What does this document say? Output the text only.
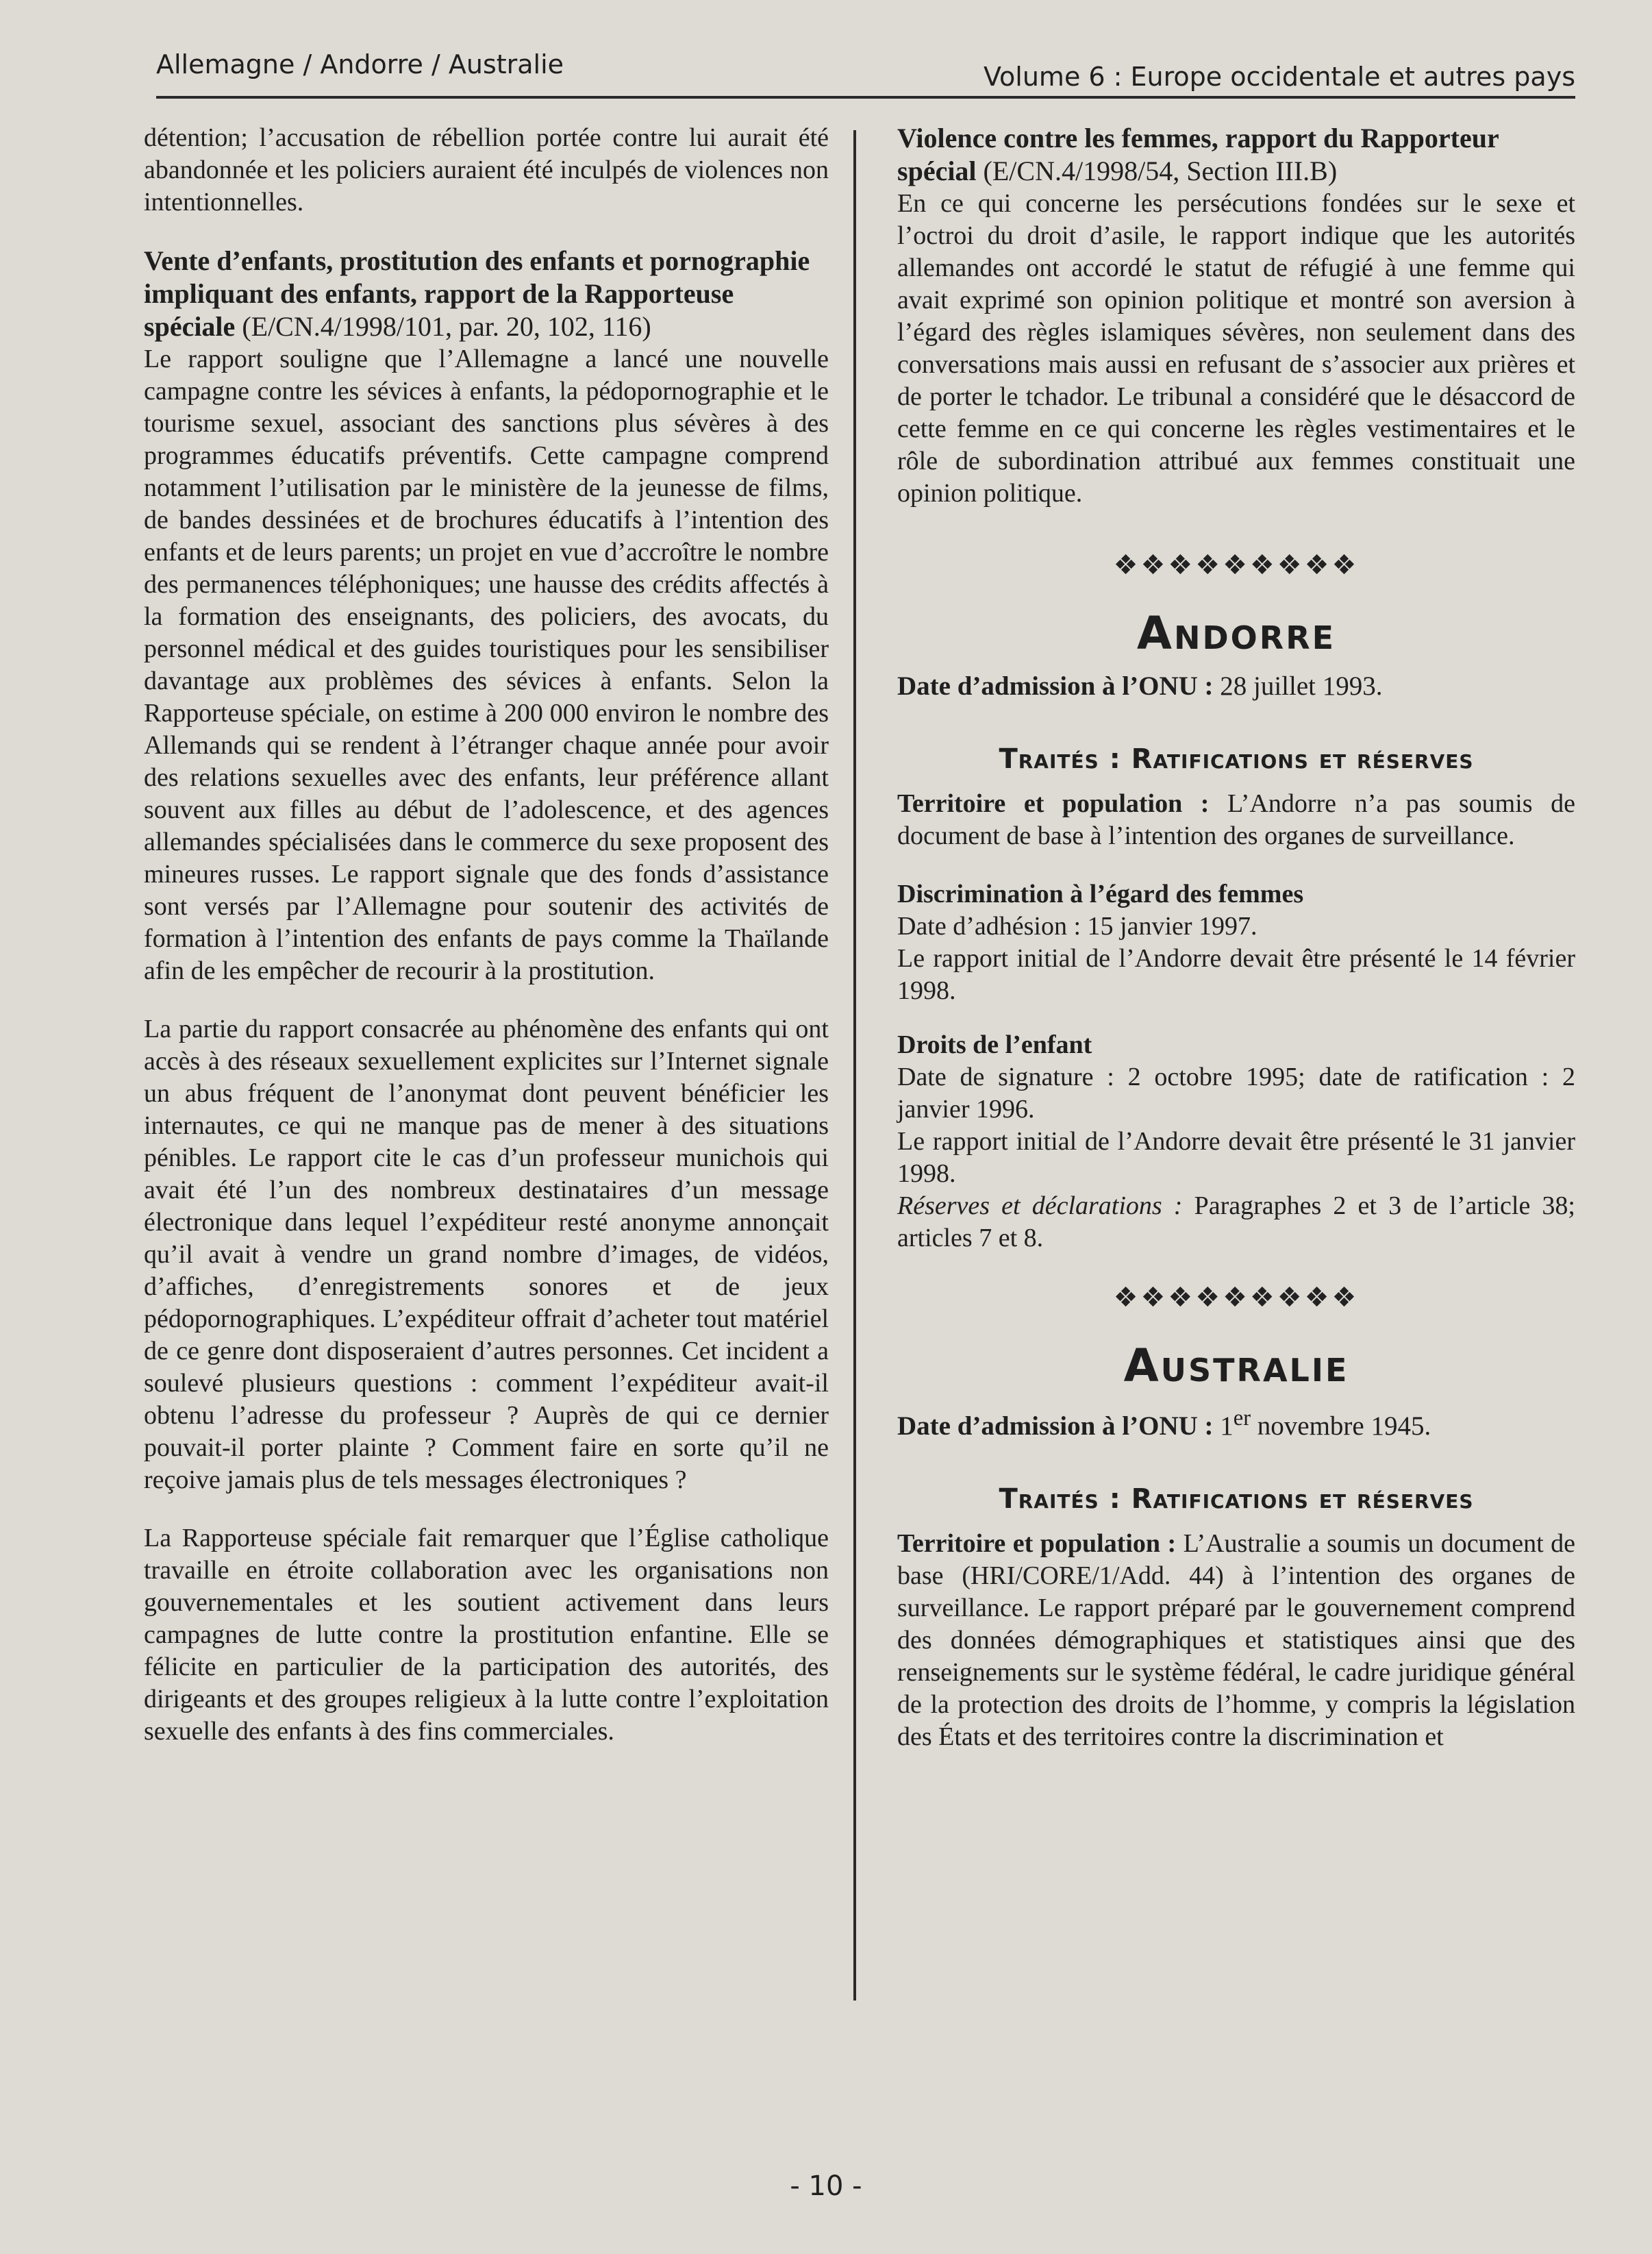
Allemagne / Andorre / Australie	Volume 6 : Europe occidentale et autres pays

détention; l’accusation de rébellion portée contre lui aurait été abandonnée et les policiers auraient été inculpés de violences non intentionnelles.

Vente d’enfants, prostitution des enfants et pornographie impliquant des enfants, rapport de la Rapporteuse spéciale (E/CN.4/1998/101, par. 20, 102, 116)

Le rapport souligne que l’Allemagne a lancé une nouvelle campagne contre les sévices à enfants, la pédopornographie et le tourisme sexuel, associant des sanctions plus sévères à des programmes éducatifs préventifs. Cette campagne comprend notamment l’utilisation par le ministère de la jeunesse de films, de bandes dessinées et de brochures éducatifs à l’intention des enfants et de leurs parents; un projet en vue d’accroître le nombre des permanences téléphoniques; une hausse des crédits affectés à la formation des enseignants, des policiers, des avocats, du personnel médical et des guides touristiques pour les sensibiliser davantage aux problèmes des sévices à enfants. Selon la Rapporteuse spéciale, on estime à 200 000 environ le nombre des Allemands qui se rendent à l’étranger chaque année pour avoir des relations sexuelles avec des enfants, leur préférence allant souvent aux filles au début de l’adolescence, et des agences allemandes spécialisées dans le commerce du sexe proposent des mineures russes. Le rapport signale que des fonds d’assistance sont versés par l’Allemagne pour soutenir des activités de formation à l’intention des enfants de pays comme la Thaïlande afin de les empêcher de recourir à la prostitution.

La partie du rapport consacrée au phénomène des enfants qui ont accès à des réseaux sexuellement explicites sur l’Internet signale un abus fréquent de l’anonymat dont peuvent bénéficier les internautes, ce qui ne manque pas de mener à des situations pénibles. Le rapport cite le cas d’un professeur munichois qui avait été l’un des nombreux destinataires d’un message électronique dans lequel l’expéditeur resté anonyme annonçait qu’il avait à vendre un grand nombre d’images, de vidéos, d’affiches, d’enregistrements sonores et de jeux pédopornographiques. L’expéditeur offrait d’acheter tout matériel de ce genre dont disposeraient d’autres personnes. Cet incident a soulevé plusieurs questions : comment l’expéditeur avait-il obtenu l’adresse du professeur ? Auprès de qui ce dernier pouvait-il porter plainte ? Comment faire en sorte qu’il ne reçoive jamais plus de tels messages électroniques ?

La Rapporteuse spéciale fait remarquer que l’Église catholique travaille en étroite collaboration avec les organisations non gouvernementales et les soutient activement dans leurs campagnes de lutte contre la prostitution enfantine. Elle se félicite en particulier de la participation des autorités, des dirigeants et des groupes religieux à la lutte contre l’exploitation sexuelle des enfants à des fins commerciales.

Violence contre les femmes, rapport du Rapporteur spécial (E/CN.4/1998/54, Section III.B)

En ce qui concerne les persécutions fondées sur le sexe et l’octroi du droit d’asile, le rapport indique que les autorités allemandes ont accordé le statut de réfugié à une femme qui avait exprimé son opinion politique et montré son aversion à l’égard des règles islamiques sévères, non seulement dans des conversations mais aussi en refusant de s’associer aux prières et de porter le tchador. Le tribunal a considéré que le désaccord de cette femme en ce qui concerne les règles vestimentaires et le rôle de subordination attribué aux femmes constituait une opinion politique.

❖❖❖❖❖❖❖❖❖
Andorre
Date d’admission à l’ONU : 28 juillet 1993.
Traités : Ratifications et réserves

Territoire et population : L’Andorre n’a pas soumis de document de base à l’intention des organes de surveillance.

Discrimination à l’égard des femmes
Date d’adhésion : 15 janvier 1997.
Le rapport initial de l’Andorre devait être présenté le 14 février 1998.
Droits de l’enfant
Date de signature : 2 octobre 1995; date de ratification : 2 janvier 1996.
Le rapport initial de l’Andorre devait être présenté le 31 janvier 1998.
Réserves et déclarations : Paragraphes 2 et 3 de l’article 38; articles 7 et 8.
❖❖❖❖❖❖❖❖❖
Australie
Date d’admission à l’ONU : 1er novembre 1945.
Traités : Ratifications et réserves

Territoire et population : L’Australie a soumis un document de base (HRI/CORE/1/Add. 44) à l’intention des organes de surveillance. Le rapport préparé par le gouvernement comprend des données démographiques et statistiques ainsi que des renseignements sur le système fédéral, le cadre juridique général de la protection des droits de l’homme, y compris la législation des États et des territoires contre la discrimination et

- 10 -
